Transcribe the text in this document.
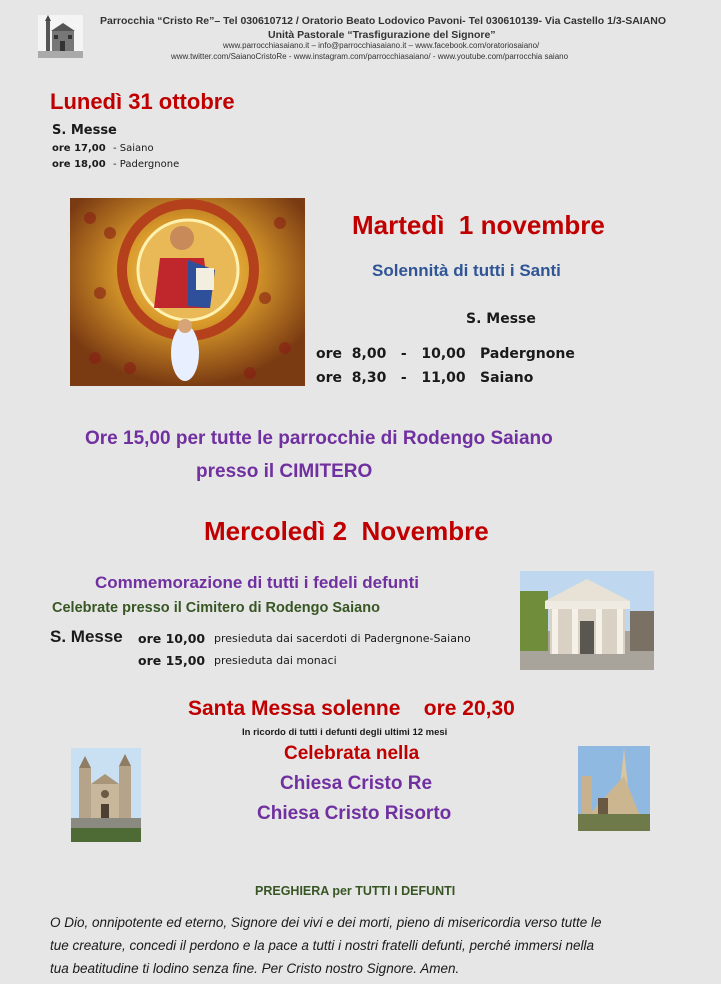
Parrocchia “Cristo Re”– Tel 030610712 / Oratorio Beato Lodovico Pavoni- Tel 030610139- Via Castello 1/3-SAIANO
Unità Pastorale “Trasfigurazione del Signore”
www.parrocchiasaiano.it – info@parrocchiasaiano.it – www.facebook.com/oratoriosaiano/
www.twitter.com/SaianoCristoRe - www.instagram.com/parrocchiasaiano/ - www.youtube.com/parrocchia saiano
Lunedì 31 ottobre
S. Messe
ore 17,00 - Saiano
ore 18,00 - Padergnone
Martedì  1 novembre
Solennità di tutti i Santi
S. Messe
ore  8,00   -   10,00 Padergnone
ore  8,30   -   11,00 Saiano
Ore 15,00 per tutte le parrocchie di Rodengo Saiano
presso il CIMITERO
Mercoledì 2  Novembre
Commemorazione di tutti i fedeli defunti
Celebrate presso il Cimitero di Rodengo Saiano
S. Messe ore 10,00 presieduta dai sacerdoti di Padergnone-Saiano
ore 15,00 presieduta dai monaci
Santa Messa solenne    ore 20,30
In ricordo di tutti i defunti degli ultimi 12 mesi
Celebrata nella
Chiesa Cristo Re
Chiesa Cristo Risorto
PREGHIERA per TUTTI I DEFUNTI
O Dio, onnipotente ed eterno, Signore dei vivi e dei morti, pieno di misericordia verso tutte le
tue creature, concedi il perdono e la pace a tutti i nostri fratelli defunti, perché immersi nella
tua beatitudine ti lodino senza fine. Per Cristo nostro Signore. Amen.
